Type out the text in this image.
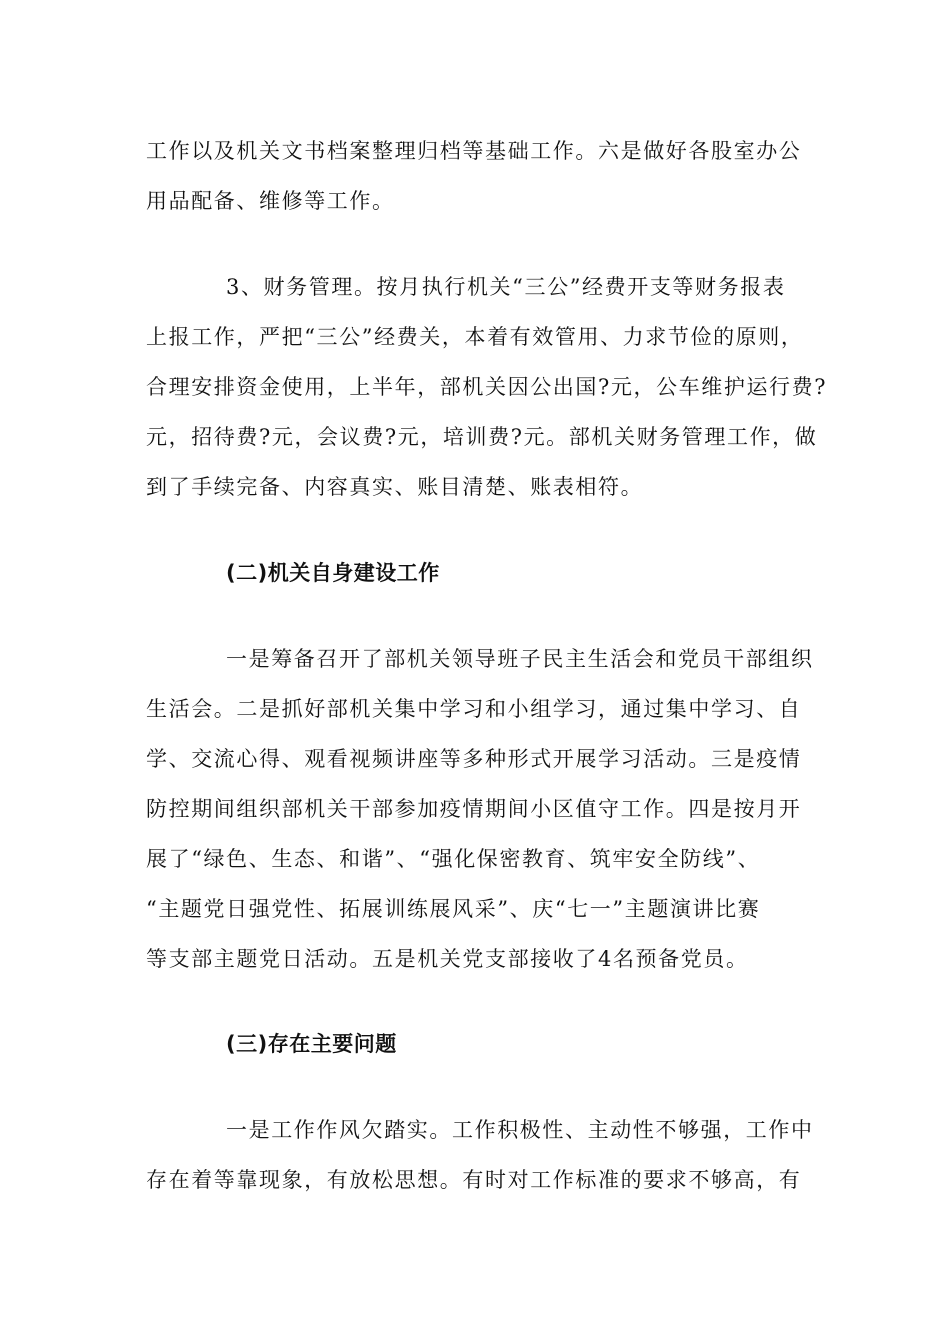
工作以及机关文书档案整理归档等基础工作。六是做好各股室办公
用品配备、维修等工作。
3、财务管理。按月执行机关“三公”经费开支等财务报表
上报工作，严把“三公”经费关，本着有效管用、力求节俭的原则，
合理安排资金使用，上半年，部机关因公出国?元，公车维护运行费?
元，招待费?元，会议费?元，培训费?元。部机关财务管理工作，做
到了手续完备、内容真实、账目清楚、账表相符。
(二)机关自身建设工作
一是筹备召开了部机关领导班子民主生活会和党员干部组织
生活会。二是抓好部机关集中学习和小组学习，通过集中学习、自
学、交流心得、观看视频讲座等多种形式开展学习活动。三是疫情
防控期间组织部机关干部参加疫情期间小区值守工作。四是按月开
展了“绿色、生态、和谐”、“强化保密教育、筑牢安全防线”、
“主题党日强党性、拓展训练展风采”、庆“七一”主题演讲比赛
等支部主题党日活动。五是机关党支部接收了4名预备党员。
(三)存在主要问题
一是工作作风欠踏实。工作积极性、主动性不够强，工作中
存在着等靠现象，有放松思想。有时对工作标准的要求不够高，有
